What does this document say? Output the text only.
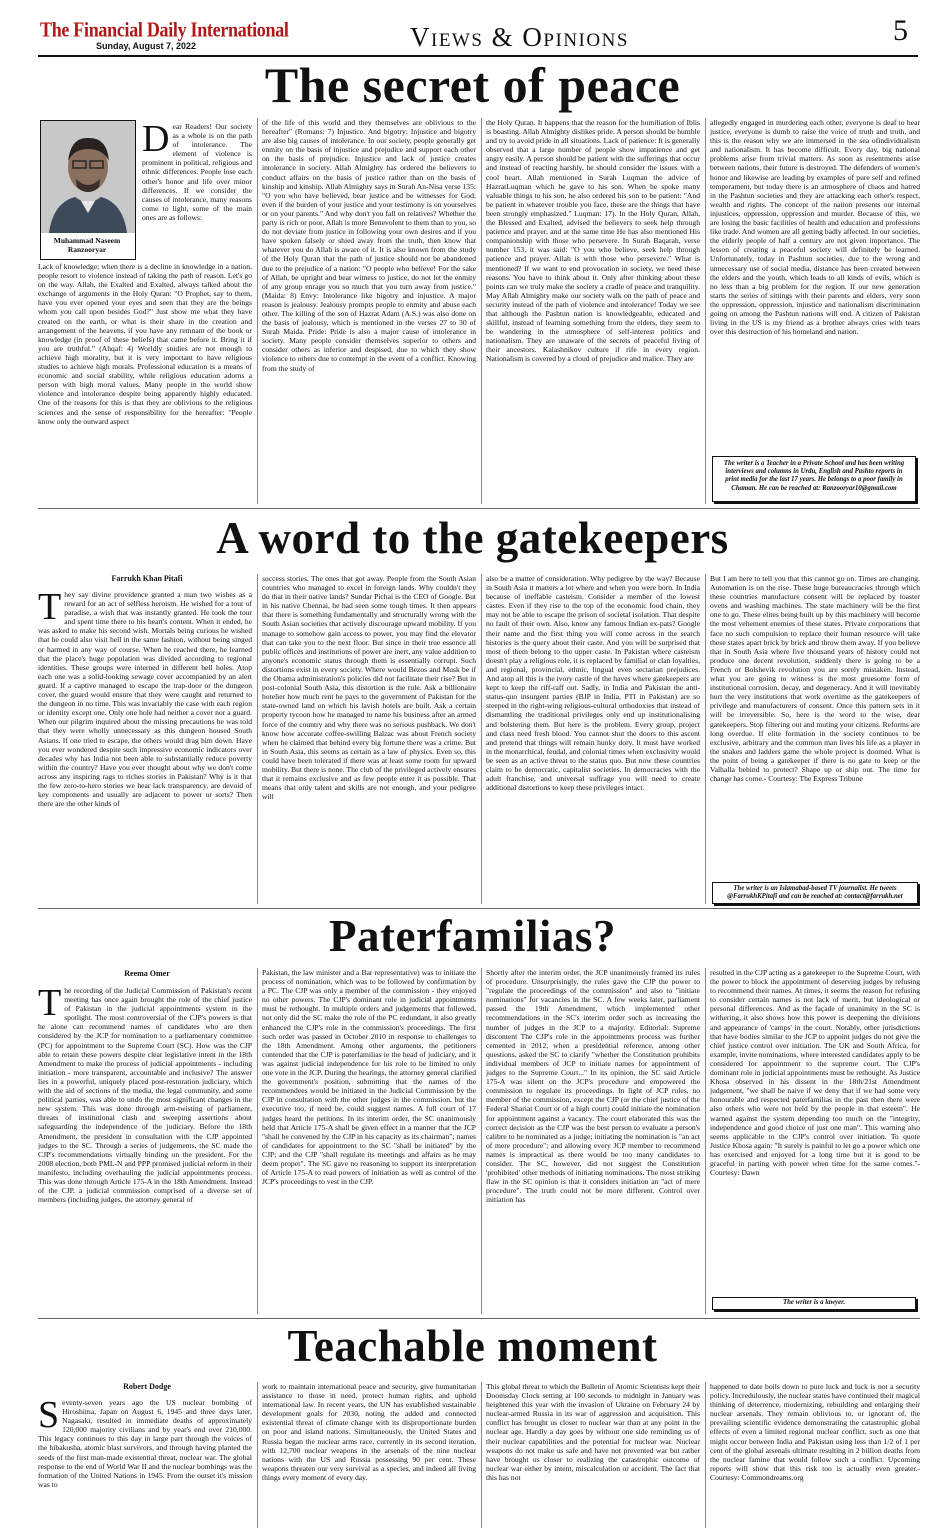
The Financial Daily International
Sunday, August 7, 2022	Views & Opinions	5
The secret of peace
Muhammad Naseem Ranzooryar
D ear Readers! Our society as a whole is on the path of intolerance. The element of violence is prominent in political, religious and ethnic differences. People lose each other's honor and life over minor differences. If we consider the causes of intolerance, many reasons come to light, some of the main ones are as follows:
Lack of knowledge; when there is a decline in knowledge in a nation, people resort to violence instead of taking the path of reason. Let's go on the way. Allah, the Exalted and Exalted, always talked about the exchange of arguments in the Holy Quran: "O Prophet, say to them, have you ever opened your eyes and seen that they are the beings whom you call upon besides God?" Just show me what they have created on the earth, or what is their share in the creation and arrangement of the heavens, if you have any remnant of the book or knowledge (in proof of these beliefs) that came before it. Bring it if you are truthful." (Ahqaf: 4) Worldly studies are not enough to achieve high morality, but it is very important to have religious studies to achieve high morals. Professional education is a means of economic and social stability, while religious education adorns a person with high moral values. Many people in the world show violence and intolerance despite being apparently highly educated. One of the reasons for this is that they are oblivious to the religious sciences and the sense of responsibility for the hereafter: "People know only the outward aspect
of the life of this world and they themselves are oblivious to the hereafter" (Romans: 7) Injustice. And bigotry: Injustice and bigotry are also big causes of intolerance. In our society, people generally get enmity on the basis of injustice and prejudice and support each other on the basis of prejudice. Injustice and lack of justice creates intolerance in society. Allah Almighty has ordered the believers to conduct affairs on the basis of justice rather than on the basis of kinship and kinship. Allah Almighty says in Surah An-Nisa verse 135: "O you who have believed, bear justice and be witnesses for God; even if the burden of your justice and your testimony is on yourselves or on your parents." And why don't you fall on relatives? Whether the party is rich or poor, Allah is more Benevolent to them than to you, so do not deviate from justice in following your own desires and if you have spoken falsely or shied away from the truth, then know that whatever you do Allah is aware of it. It is also known from the study of the Holy Quran that the path of justice should not be abandoned due to the prejudice of a nation: "O people who believe! For the sake of Allah, be upright and bear witness to justice, do not let the enmity of any group enrage you so much that you turn away from justice." (Maida: 8) Envy: Intolerance like bigotry and injustice. A major reason is jealousy. Jealousy prompts people to enmity and abuse each other. The killing of the son of Hazrat Adam (A.S.) was also done on the basis of jealousy, which is mentioned in the verses 27 to 30 of Surah Maida. Pride: Pride is also a major cause of intolerance in society. Many people consider themselves superior to others and consider others as inferior and despised, due to which they show violence to others due to contempt in the event of a conflict. Knowing from the study of
the Holy Quran. It happens that the reason for the humiliation of Iblis is boasting. Allah Almighty dislikes pride. A person should be humble and try to avoid pride in all situations. Lack of patience: It is generally observed that a large number of people show impatience and get angry easily. A person should be patient with the sufferings that occur and instead of reacting harshly, he should consider the issues with a cool heart. Allah mentioned in Surah Luqman the advice of HazratLuqman which he gave to his son. When he spoke many valuable things to his son, he also ordered his son to be patient: "And be patient in whatever trouble you face, these are the things that have been strongly emphasized." Luqman: 17). In the Holy Quran, Allah, the Blessed and Exalted, advised the believers to seek help through patience and prayer, and at the same time He has also mentioned His companionship with those who persevere. In Surah Baqarah, verse number 153, it was said: "O you who believe, seek help through patience and prayer. Allah is with those who persevere." What is mentioned? If we want to end provocation in society, we need these reasons. You have to think about it. Only after thinking about these points can we truly make the society a cradle of peace and tranquility. May Allah Almighty make our society walk on the path of peace and security instead of the path of violence and intolerance! Today we see that although the Pashtun nation is knowledgeable, educated and skillful, instead of learning something from the elders, they seem to be wandering in the atmosphere of self-interest politics and nationalism. They are unaware of the secrets of peaceful living of their ancestors. Kalashnikov culture if rife in every region. Nationalism is covered by a cloud of prejudice and malice. They are
allegedly engaged in murdering each other, everyone is deaf to hear justice, everyone is dumb to raise the voice of truth and truth, and this is the reason why we are immersed in the sea ofindividualism and nationalism. It has become difficult. Every day, big national problems arise from trivial matters. As soon as resentments arise between nations, their future is destroyed. The defenders of women's honor and likewise are leading by examples of pure self and refined temperament, but today there is an atmosphere of chaos and hatred in the Pashtun societies and they are attacking each other's respect, wealth and rights. The concept of the nation presents our internal injustices, oppression, oppression and murder. Because of this, we are losing the basic facilities of health and education and professions like trade. And women are all getting badly affected. In our societies, the elderly people of half a century are not given importance. The lesson of creating a peaceful society will definitely be learned. Unfortunately, today in Pashtun societies, due to the wrong and unnecessary use of social media, distance has been created between the elders and the youth, which leads to all kinds of evils, which is no less than a big problem for the region. If our new generation starts the series of sittings with their parents and elders, very soon the oppression, oppression, injustice and nationalism discrimination going on among the Pashtun nations will end. A citizen of Pakistan living in the US is my friend as a brother always cries with tears over this destruction of his homeland and nation.
The writer is a Teacher in a Private School and has been writing interviews and columns in Urdu, English and Pashto reports in print media for the last 17 years. He belongs to a poor family in Chaman. He can be reached at: Ranzooryar10@gmail.com
A word to the gatekeepers
Farrukh Khan Pitafi
They say divine providence granted a man two wishes as a reward for an act of selfless heroism. He wished for a tour of paradise, a wish that was instantly granted. He took the tour and spent time there to his heart's content. When it ended, he was asked to make his second wish. Mortals being curious he wished that he could also visit hell in the same fashion, without being singed or harmed in any way of course. When he reached there, he learned that the place's huge population was divided according to regional identities. These groups were interned in different hell holes. Atop each one was a solid-looking sewage cover accompanied by an alert guard. If a captive managed to escape the trap-door or the dungeon cover, the guard would ensure that they were caught and returned to the dungeon in no time. This was invariably the case with each region or identity except one. Only one hole had neither a cover nor a guard. When our pilgrim inquired about the missing precautions he was told that they were wholly unnecessary as this dungeon housed South Asians. If one tried to escape, the others would drag him down. Have you ever wondered despite such impressive economic indicators over decades why has India not been able to substantially reduce poverty within the country? Have you ever thought about why we don't come across any inspiring rags to riches stories in Pakistan? Why is it that the few zero-to-hero stories we hear lack transparency, are devoid of key components and usually are adjacent to power or sorts? Then there are the other kinds of
success stories. The ones that got away. People from the South Asian countries who managed to excel in foreign lands. Why couldn't they do that in their native lands? Sundar Pichai is the CEO of Google. But in his native Chennai, he had seen some tough times. It then appears that there is something fundamentally and structurally wrong with the South Asian societies that actively discourage upward mobility. If you manage to somehow gain access to power, you may find the elevator that can take you to the next floor. But since in their true essence all public offices and institutions of power are inert, any value addition to anyone's economic status through them is essentially corrupt. Such distortions exist in every society. Where would Bezos and Musk be if the Obama administration's policies did not facilitate their rise? But in post-colonial South Asia, this distortion is the rule. Ask a billionaire hotelier how much rent he pays to the government of Pakistan for the state-owned land on which his lavish hotels are built. Ask a certain property tycoon how he managed to name his business after an armed force of the country and why there was no serious pushback. We don't know how accurate coffee-swilling Balzac was about French society when he claimed that behind every big fortune there was a crime. But in South Asia, this seems as certain as a law of physics. Even so, this could have been tolerated if there was at least some room for upward mobility. But there is none. The club of the privileged actively ensures that it remains exclusive and as few people enter it as possible. That means that only talent and skills are not enough, and your pedigree will
also be a matter of consideration. Why pedigree by the way? Because in South Asia it matters a lot where and when you were born. In India because of ineffable casteism. Consider a member of the lowest castes. Even if they rise to the top of the economic food chain, they may not be able to escape the prison of societal isolation. That despite no fault of their own. Also, know any famous Indian ex-pats? Google their name and the first thing you will come across in the search histories is the query about their caste. And you will be surprised that most of them belong to the upper caste. In Pakistan where casteism doesn't play a religious role, it is replaced by familial or clan loyalties, and regional, provincial, ethnic, lingual even sectarian prejudices. And atop all this is the ivory castle of the haves where gatekeepers are kept to keep the riff-raff out. Sadly, in India and Pakistan the anti-status-quo insurgent parties (BJP in India, PTI in Pakistan) are so steeped in the right-wing religious-cultural orthodoxies that instead of dismantling the traditional privileges only end up institutionalising and bolstering them. But here is the problem. Every group, project and class need fresh blood. You cannot shut the doors to this ascent and pretend that things will remain hunky dory. It must have worked in the monarchical, feudal, and colonial times when exclusivity would be seen as an active threat to the status quo. But now these countries claim to be democratic, capitalist societies. In democracies with the adult franchise, and universal suffrage you will need to create additional distortions to keep these privileges intact.
But I am here to tell you that this cannot go on. Times are changing. Automation is on the rise. These huge bureaucracies through which these countries manufacture consent will be replaced by toaster ovens and washing machines. The state machinery will be the first one to go. These elites being built up by this machinery will become the most vehement enemies of these states. Private corporations that face no such compulsion to replace their human resource will take these states apart brick by brick and throw them away. If you believe that in South Asia where five thousand years of history could not produce one decent revolution, suddenly there is going to be a French or Bolshevik revolution you are sorely mistaken. Instead, what you are going to witness is the most gruesome form of institutional corrosion, decay, and degeneracy. And it will inevitably hurt the very institutions that work overtime as the gatekeepers of privilege and manufacturers of consent. Once this pattern sets in it will be irreversible. So, here is the word to the wise, dear gatekeepers. Stop filtering out and muting your citizens. Reforms are long overdue. If elite formation in the society continues to be exclusive, arbitrary and the common man lives his life as a player in the snakes and ladders game the whole project is doomed. What is the point of being a gatekeeper if there is no gate to keep or the Valhalla behind to protect? Shape up or ship out. The time for change has come.- Courtesy: The Express Tribune
The writer is an Islamabad-based TV journalist. He tweets @FarrukhKPitafi and can be reached at: contact@farrukh.net
Paterfamilias?
Reema Omer
The recording of the Judicial Commission of Pakistan's recent meeting has once again brought the role of the chief justice of Pakistan in the judicial appointments system in the spotlight. The most controversial of the CJP's powers is that he alone can recommend names of candidates who are then considered by the JCP for nomination to a parliamentary committee (PC) for appointment to the Supreme Court (SC). How was the CJP able to retain these powers despite clear legislative intent in the 18th Amendment to make the process of judicial appointments - including initiation - more transparent, accountable and inclusive? The answer lies in a powerful, uniquely placed post-restoration judiciary, which with the aid of sections of the media, the legal community, and some political parties, was able to undo the most significant changes in the new system. This was done through arm-twisting of parliament, threats of institutional clash and sweeping assertions about safeguarding the independence of the judiciary. Before the 18th Amendment, the president in consultation with the CJP appointed judges to the SC. Through a series of judgements, the SC made the CJP's recommendations virtually binding on the president. For the 2008 election, both PML-N and PPP promised judicial reform in their manifesto, including overhauling the judicial appointments process. This was done through Article 175-A in the 18th Amendment. Instead of the CJP, a judicial commission comprised of a diverse set of members (including judges, the attorney general of
Pakistan, the law minister and a Bar representative) was to initiate the process of nomination, which was to be followed by confirmation by a PC. The CJP was only a member of the commission - they enjoyed no other powers. The CJP's dominant role in judicial appointments must be rethought. In multiple orders and judgements that followed, not only did the SC make the role of the PC redundant, it also greatly enhanced the CJP's role in the commission's proceedings. The first such order was passed in October 2010 in response to challenges to the 18th Amendment. Among other arguments, the petitioners contended that the CJP is paterfamilias ie the head of judiciary, and it was against judicial independence for his role to be limited to only one vote in the JCP. During the hearings, the attorney general clarified the government's position, submitting that the names of the recommendees would be initiated in the Judicial Commission by the CJP in consultation with the other judges in the commission, but the executive too, if need be, could suggest names. A full court of 17 judges heard the petitions. In its interim order, the SC unanimously held that Article 175-A shall be given effect in a manner that the JCP "shall be convened by the CJP in his capacity as its chairman"; names of candidates for appointment to the SC "shall be initiated" by the CJP; and the CJP "shall regulate its meetings and affairs as he may deem proper". The SC gave no reasoning to support its interpretation of Article 175-A to read powers of initiation as well as control of the JCP's proceedings to vest in the CJP.
Shortly after the interim order, the JCP unanimously framed its rules of procedure. Unsurprisingly, the rules gave the CJP the power to "regulate the proceedings of the commission" and also to "initiate nominations" for vacancies in the SC. A few weeks later, parliament passed the 19th Amendment, which implemented other recommendations in the SC's interim order such as increasing the number of judges in the JCP to a majority. Editorial: Supreme discontent The CJP's role in the appointments process was further cemented in 2012, when a presidential reference, among other questions, asked the SC to clarify "whether the Constitution prohibits individual members of JCP to initiate names for appointment of judges to the Supreme Court..." In its opinion, the SC said Article 175-A was silent on the JCP's procedure and empowered the commission to regulate its proceedings. In light of JCP rules, no member of the commission, except the CJP (or the chief justice of the Federal Shariat Court or of a high court) could initiate the nomination for appointment against a vacancy. The court elaborated this was the correct decision as the CJP was the best person to evaluate a person's calibre to be nominated as a judge; initiating the nomination is "an act of mere procedure"; and allowing every JCP member to recommend names is impractical as there would be too many candidates to consider. The SC, however, did not suggest the Constitution 'prohibited' other methods of initiating nominations. The most striking flaw in the SC opinion is that it considers initiation an "act of mere procedure". The truth could not be more different. Control over initiation has
resulted in the CJP acting as a gatekeeper to the Supreme Court, with the power to block the appointment of deserving judges by refusing to recommend their names. At times, it seems the reason for refusing to consider certain names is not lack of merit, but ideological or personal differences. And as the façade of unanimity in the SC is withering, it also shows how this power is deepening the divisions and appearance of 'camps' in the court. Notably, other jurisdictions that have bodies similar to the JCP to appoint judges do not give the chief justice control over initiation. The UK and South Africa, for example, invite nominations, where interested candidates apply to be considered for appointment to the supreme court. The CJP's dominant role in judicial appointments must be rethought. As Justice Khosa observed in his dissent in the 18th/21st Amendment judgement, "we shall be naive if we deny that if we had some very honourable and respected paterfamilias in the past then there were also others who were not held by the people in that esteem". He warned against the system depending too much on the "integrity, independence and good choice of just one man". This warning also seems applicable to the CJP's control over initiation. To quote Justice Khosa again: "It surely is painful to let go a power which one has exercised and enjoyed for a long time but it is good to be graceful in parting with power when time for the same comes."-Courtesy: Dawn
The writer is a lawyer.
Teachable moment
Robert Dodge
Seventy-seven years ago the US nuclear bombing of Hiroshima, Japan on August 6, 1945 and three days later, Nagasaki, resulted in immediate deaths of approximately 120,000 majority civilians and by year's end over 210,000. This legacy continues to this day in large part through the voices of the hibakusha, atomic blast survivors, and through having planted the seeds of the first man-made existential threat, nuclear war. The global response to the end of World War II and the nuclear bombings was the formation of the United Nations in 1945. From the outset it's mission was to
work to maintain international peace and security, give humanitarian assistance to those in need, protect human rights, and uphold international law. In recent years, the UN has established sustainable development goals for 2030, noting the added and connected existential threat of climate change with its disproportionate burden on poor and island nations. Simultaneously, the United States and Russia began the nuclear arms race, currently in its second iteration, with 12,700 nuclear weapons in the arsenals of the nine nuclear nations with the US and Russia possessing 90 per cent. These weapons threaten our very survival as a species, and indeed all living things every moment of every day.
This global threat to which the Bulletin of Atomic Scientists kept their Doomsday Clock setting at 100 seconds to midnight in January was heightened this year with the invasion of Ukraine on February 24 by nuclear-armed Russia in its war of aggression and acquisition. This conflict has brought us closer to nuclear war than at any point in the nuclear age. Hardly a day goes by without one side reminding us of their nuclear capabilities and the potential for nuclear war. Nuclear weapons do not make us safe and have not prevented war but rather have brought us closer to realizing the catastrophic outcome of nuclear war either by intent, miscalculation or accident. The fact that this has not
happened to date boils down to pure luck and luck is not a security policy. Incredulously, the nuclear states have continued their magical thinking of deterrence, modernizing, rebuilding and enlarging their nuclear arsenals. They remain oblivious to, or ignorant of, the prevailing scientific evidence demonstrating the catastrophic global effects of even a limited regional nuclear conflict, such as one that might occur between India and Pakistan using less than 1/2 of 1 per cent of the global arsenals ultimate resulting in 2 billion deaths from the nuclear famine that would follow such a conflict. Upcoming reports will show that this risk too is actually even greater.- Courtesy: Commondreams.org
